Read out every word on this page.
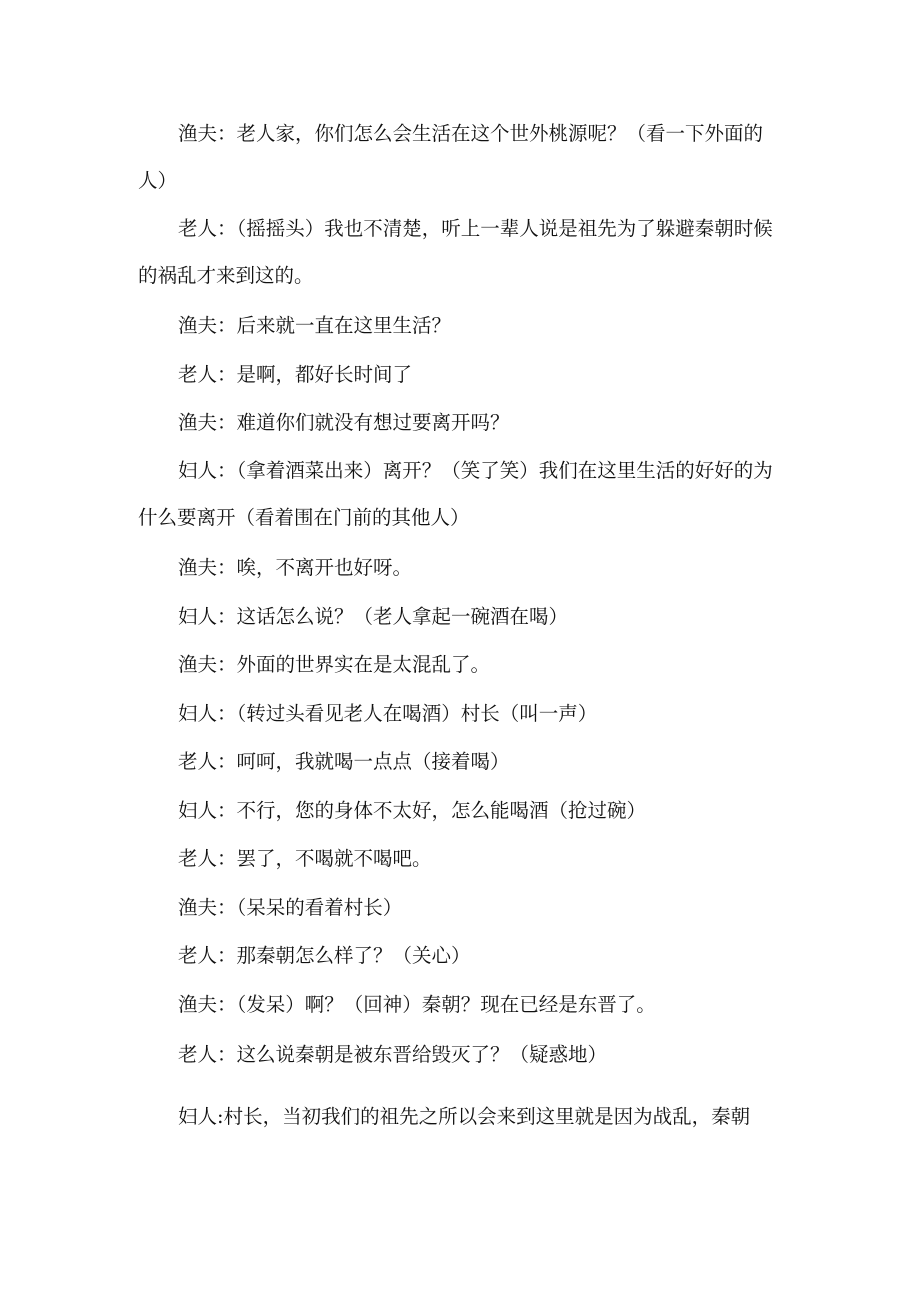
渔夫：老人家，你们怎么会生活在这个世外桃源呢？（看一下外面的人）

老人：（摇摇头）我也不清楚，听上一辈人说是祖先为了躲避秦朝时候的祸乱才来到这的。

渔夫：后来就一直在这里生活？

老人：是啊，都好长时间了

渔夫：难道你们就没有想过要离开吗？

妇人：（拿着酒菜出来）离开？（笑了笑）我们在这里生活的好好的为什么要离开（看着围在门前的其他人）

渔夫：唉，不离开也好呀。

妇人：这话怎么说？（老人拿起一碗酒在喝）

渔夫：外面的世界实在是太混乱了。

妇人：（转过头看见老人在喝酒）村长（叫一声）

老人：呵呵，我就喝一点点（接着喝）

妇人：不行，您的身体不太好，怎么能喝酒（抢过碗）

老人：罢了，不喝就不喝吧。

渔夫：（呆呆的看着村长）

老人：那秦朝怎么样了？（关心）

渔夫：（发呆）啊？（回神）秦朝？现在已经是东晋了。

老人：这么说秦朝是被东晋给毁灭了？（疑惑地）

妇人:村长，当初我们的祖先之所以会来到这里就是因为战乱，秦朝
